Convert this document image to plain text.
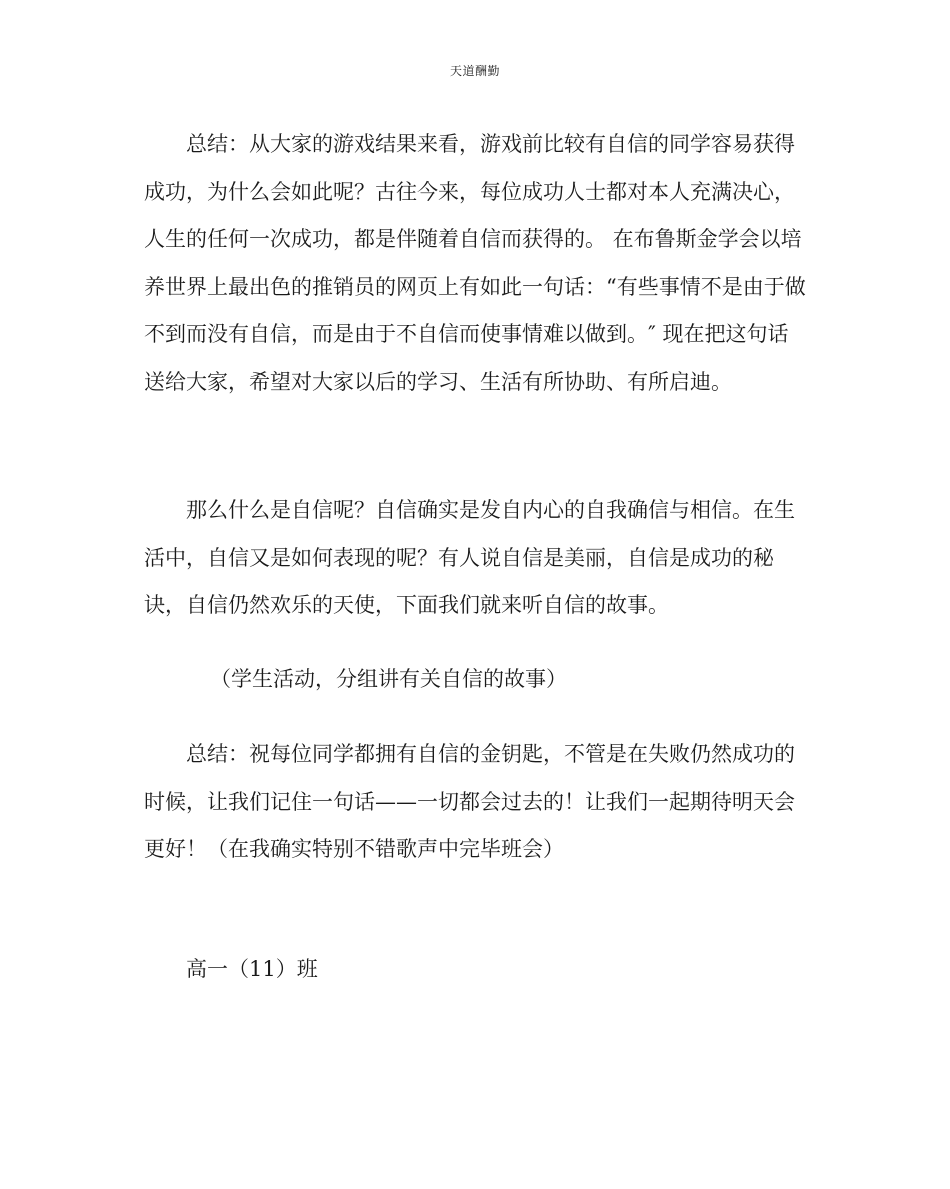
天道酬勤

总结：从大家的游戏结果来看，游戏前比较有自信的同学容易获得成功，为什么会如此呢？古往今来，每位成功人士都对本人充满决心，人生的任何一次成功，都是伴随着自信而获得的。 在布鲁斯金学会以培养世界上最出色的推销员的网页上有如此一句话：“有些事情不是由于做不到而没有自信，而是由于不自信而使事情难以做到。″ 现在把这句话送给大家，希望对大家以后的学习、生活有所协助、有所启迪。

那么什么是自信呢？自信确实是发自内心的自我确信与相信。在生活中，自信又是如何表现的呢？有人说自信是美丽，自信是成功的秘诀，自信仍然欢乐的天使，下面我们就来听自信的故事。

（学生活动，分组讲有关自信的故事）

总结：祝每位同学都拥有自信的金钥匙，不管是在失败仍然成功的时候，让我们记住一句话——一切都会过去的！让我们一起期待明天会更好！（在我确实特别不错歌声中完毕班会）

高一（11）班
